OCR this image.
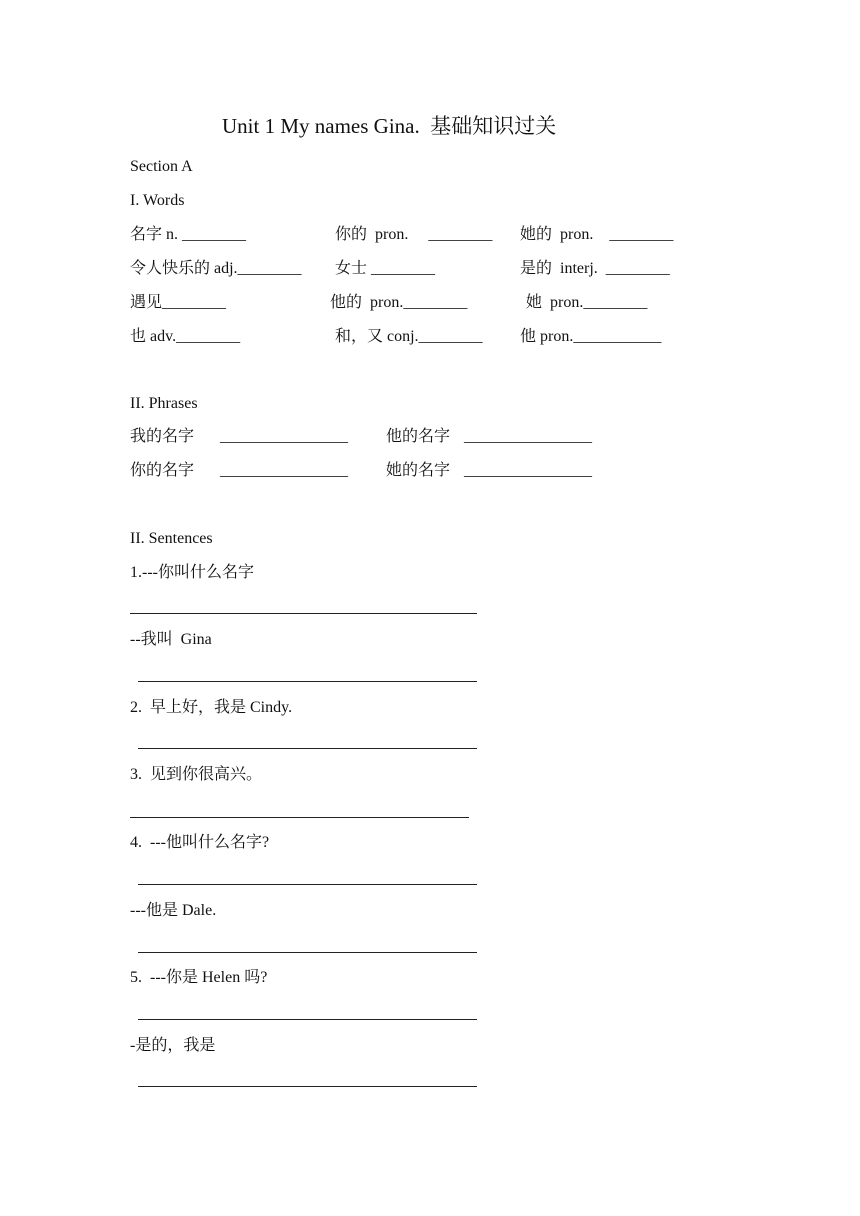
Unit 1 My names Gina.  基础知识过关
Section A
I. Words
名字 n. ________	你的  pron.     ________ 她的  pron.    ________
令人快乐的 adj.________ 女士 ________	是的  interj.  ________
遇见________	他的  pron.________	她  pron.________
也 adv.________	和，又 conj.________ 他 pron.___________
II. Phrases
我的名字 ________________ 他的名字 ________________
你的名字 ________________ 她的名字 ________________
II. Sentences
1.---你叫什么名字
--我叫  Gina
2.  早上好，我是 Cindy.
3.  见到你很高兴。
4.  ---他叫什么名字?
---他是 Dale.
5.  ---你是 Helen 吗?
-是的，我是
